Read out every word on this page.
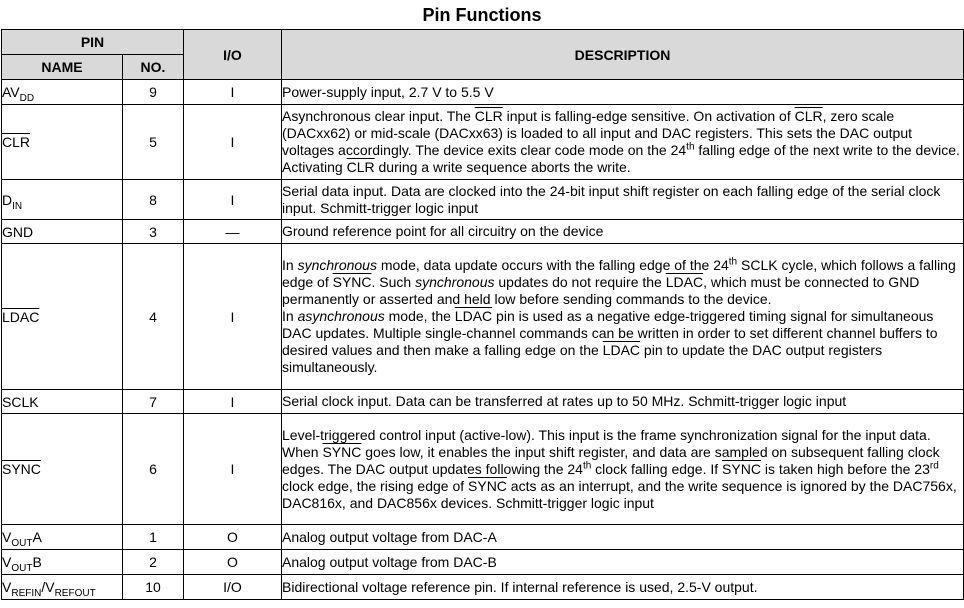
Pin Functions
PIN		I/O	DESCRIPTION
NAME	NO.		
$AV_{DD}$	9	I	Power-supply input, 2.7 V to 5.5 V
$\overline{CLR}$	5	I	Asynchronous clear input. The $\overline{CLR}$ input is falling-edge sensitive. On activation of $\overline{CLR}$, zero scale (DACxx62) or mid-scale (DACxx63) is loaded to all input and DAC registers. This sets the DAC output voltages accordingly. The device exits clear code mode on the 24th falling edge of the next write to the device. Activating $\overline{CLR}$ during a write sequence aborts the write.
$D_{IN}$	8	I	Serial data input. Data are clocked into the 24-bit input shift register on each falling edge of the serial clock input. Schmitt-trigger logic input
GND	3	—	Ground reference point for all circuitry on the device
LDAC	4	I	In synchronous mode, data update occurs with the falling edge of the 24th SCLK cycle, which follows a falling edge of SYNC. Such synchronous updates do not require the LDAC, which must be connected to GND permanently or asserted and held low before sending commands to the device.
In asynchronous mode, the LDAC pin is used as a negative edge-triggered timing signal for simultaneous DAC updates. Multiple single-channel commands can be written in order to set different channel buffers to desired values and then make a falling edge on the LDAC pin to update the DAC output registers simultaneously.
SCLK	7	I	Serial clock input. Data can be transferred at rates up to 50 MHz. Schmitt-trigger logic input
SYNC	6	I	Level-triggered control input (active-low). This input is the frame synchronization signal for the input data. When SYNC goes low, it enables the input shift register, and data are sampled on subsequent falling clock edges. The DAC output updates following the 24th clock falling edge. If SYNC is taken high before the 23rd clock edge, the rising edge of SYNC acts as an interrupt, and the write sequence is ignored by the DAC756x, DAC816x, and DAC856x devices. Schmitt-trigger logic input
$V_{OUT}A$	1	O	Analog output voltage from DAC-A
$V_{OUT}B$	2	O	Analog output voltage from DAC-B
$V_{REFIN}/V_{REFOUT}$	10	I/O	Bidirectional voltage reference pin. If internal reference is used, 2.5-V output.
